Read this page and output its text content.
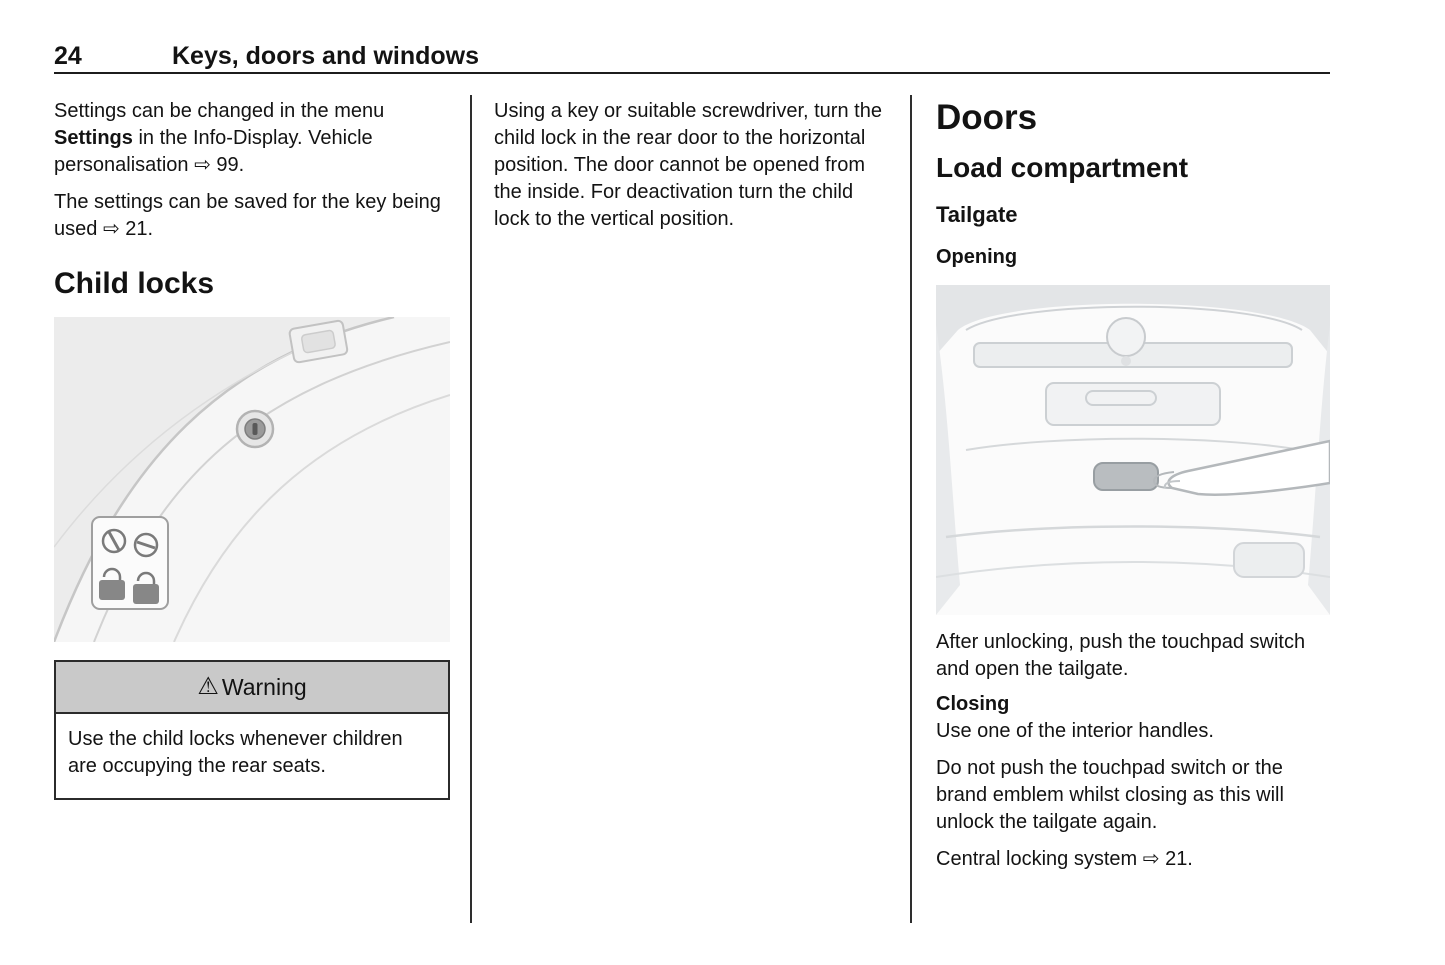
24	Keys, doors and windows

Settings can be changed in the menu Settings in the Info-Display. Vehicle personalisation ⇨ 99.

The settings can be saved for the key being used ⇨ 21.

Child locks
⚠ Warning
Use the child locks whenever children are occupying the rear seats.

Using a key or suitable screwdriver, turn the child lock in the rear door to the horizontal position. The door cannot be opened from the inside. For deactivation turn the child lock to the vertical position.

Doors
Load compartment
Tailgate
Opening

After unlocking, push the touchpad switch and open the tailgate.

Closing

Use one of the interior handles.

Do not push the touchpad switch or the brand emblem whilst closing as this will unlock the tailgate again.

Central locking system ⇨ 21.
